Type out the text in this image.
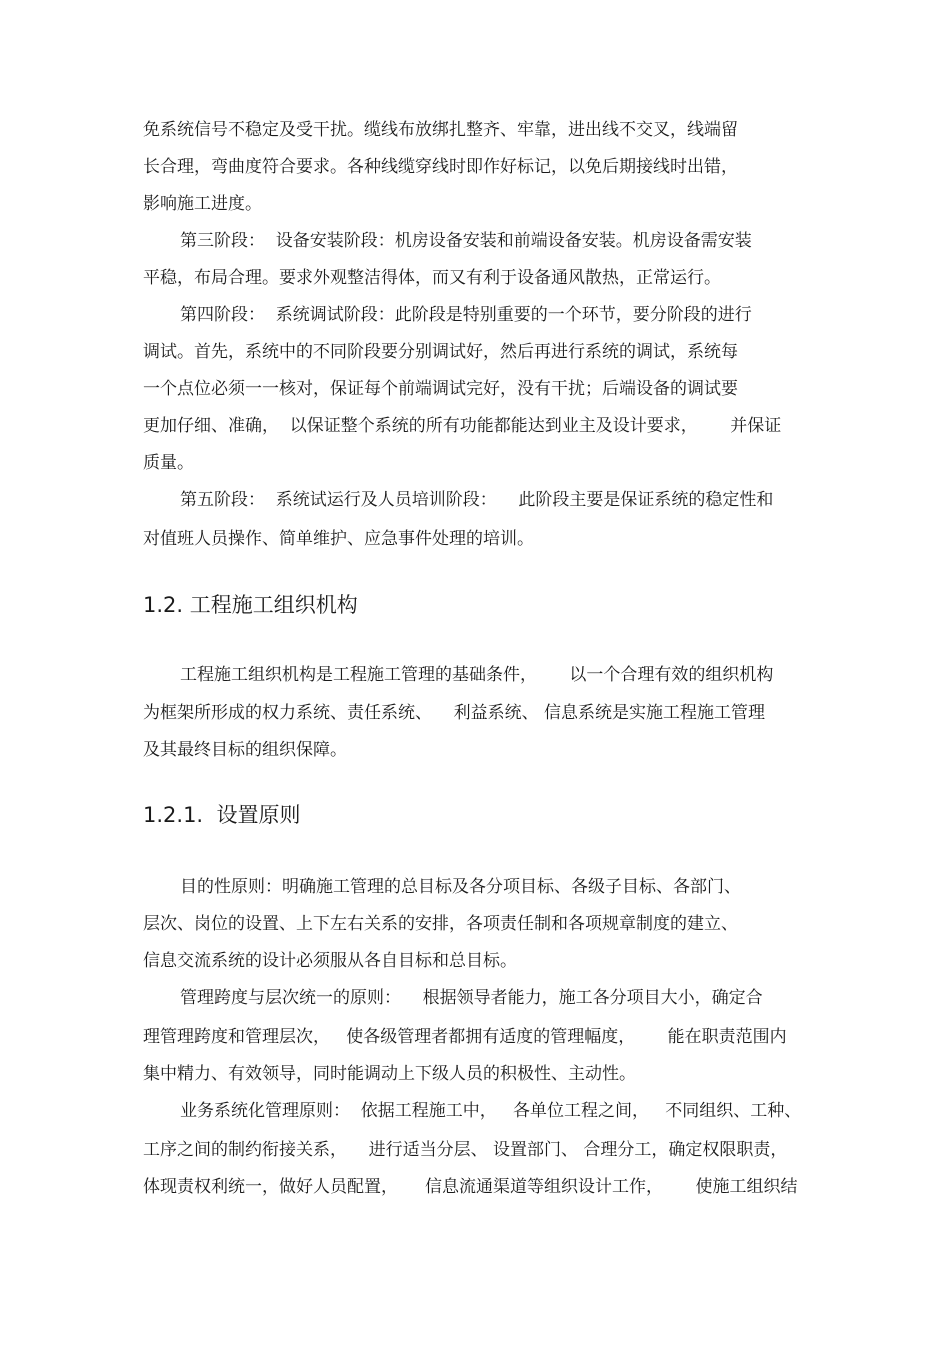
免系统信号不稳定及受干扰。缆线布放绑扎整齐、牢靠，进出线不交叉，线端留
长合理，弯曲度符合要求。各种线缆穿线时即作好标记，以免后期接线时出错，
影响施工进度。
第三阶段：  设备安装阶段：机房设备安装和前端设备安装。机房设备需安装
平稳，布局合理。要求外观整洁得体，而又有利于设备通风散热，正常运行。
第四阶段：  系统调试阶段：此阶段是特别重要的一个环节，要分阶段的进行
调试。首先，系统中的不同阶段要分别调试好，然后再进行系统的调试，系统每
一个点位必须一一核对，保证每个前端调试完好，没有干扰；后端设备的调试要
更加仔细、准确，  以保证整个系统的所有功能都能达到业主及设计要求，      并保证
质量。
第五阶段：  系统试运行及人员培训阶段：    此阶段主要是保证系统的稳定性和
对值班人员操作、简单维护、应急事件处理的培训。
1.2. 工程施工组织机构
工程施工组织机构是工程施工管理的基础条件，      以一个合理有效的组织机构
为框架所形成的权力系统、责任系统、    利益系统、 信息系统是实施工程施工管理
及其最终目标的组织保障。
1.2.1.  设置原则
目的性原则：明确施工管理的总目标及各分项目标、各级子目标、各部门、
层次、岗位的设置、上下左右关系的安排，各项责任制和各项规章制度的建立、
信息交流系统的设计必须服从各自目标和总目标。
管理跨度与层次统一的原则：    根据领导者能力，施工各分项目大小，确定合
理管理跨度和管理层次，   使各级管理者都拥有适度的管理幅度，      能在职责范围内
集中精力、有效领导，同时能调动上下级人员的积极性、主动性。
业务系统化管理原则：  依据工程施工中，   各单位工程之间，   不同组织、工种、
工序之间的制约衔接关系，    进行适当分层、 设置部门、 合理分工，确定权限职责，
体现责权利统一，做好人员配置，     信息流通渠道等组织设计工作，      使施工组织结
